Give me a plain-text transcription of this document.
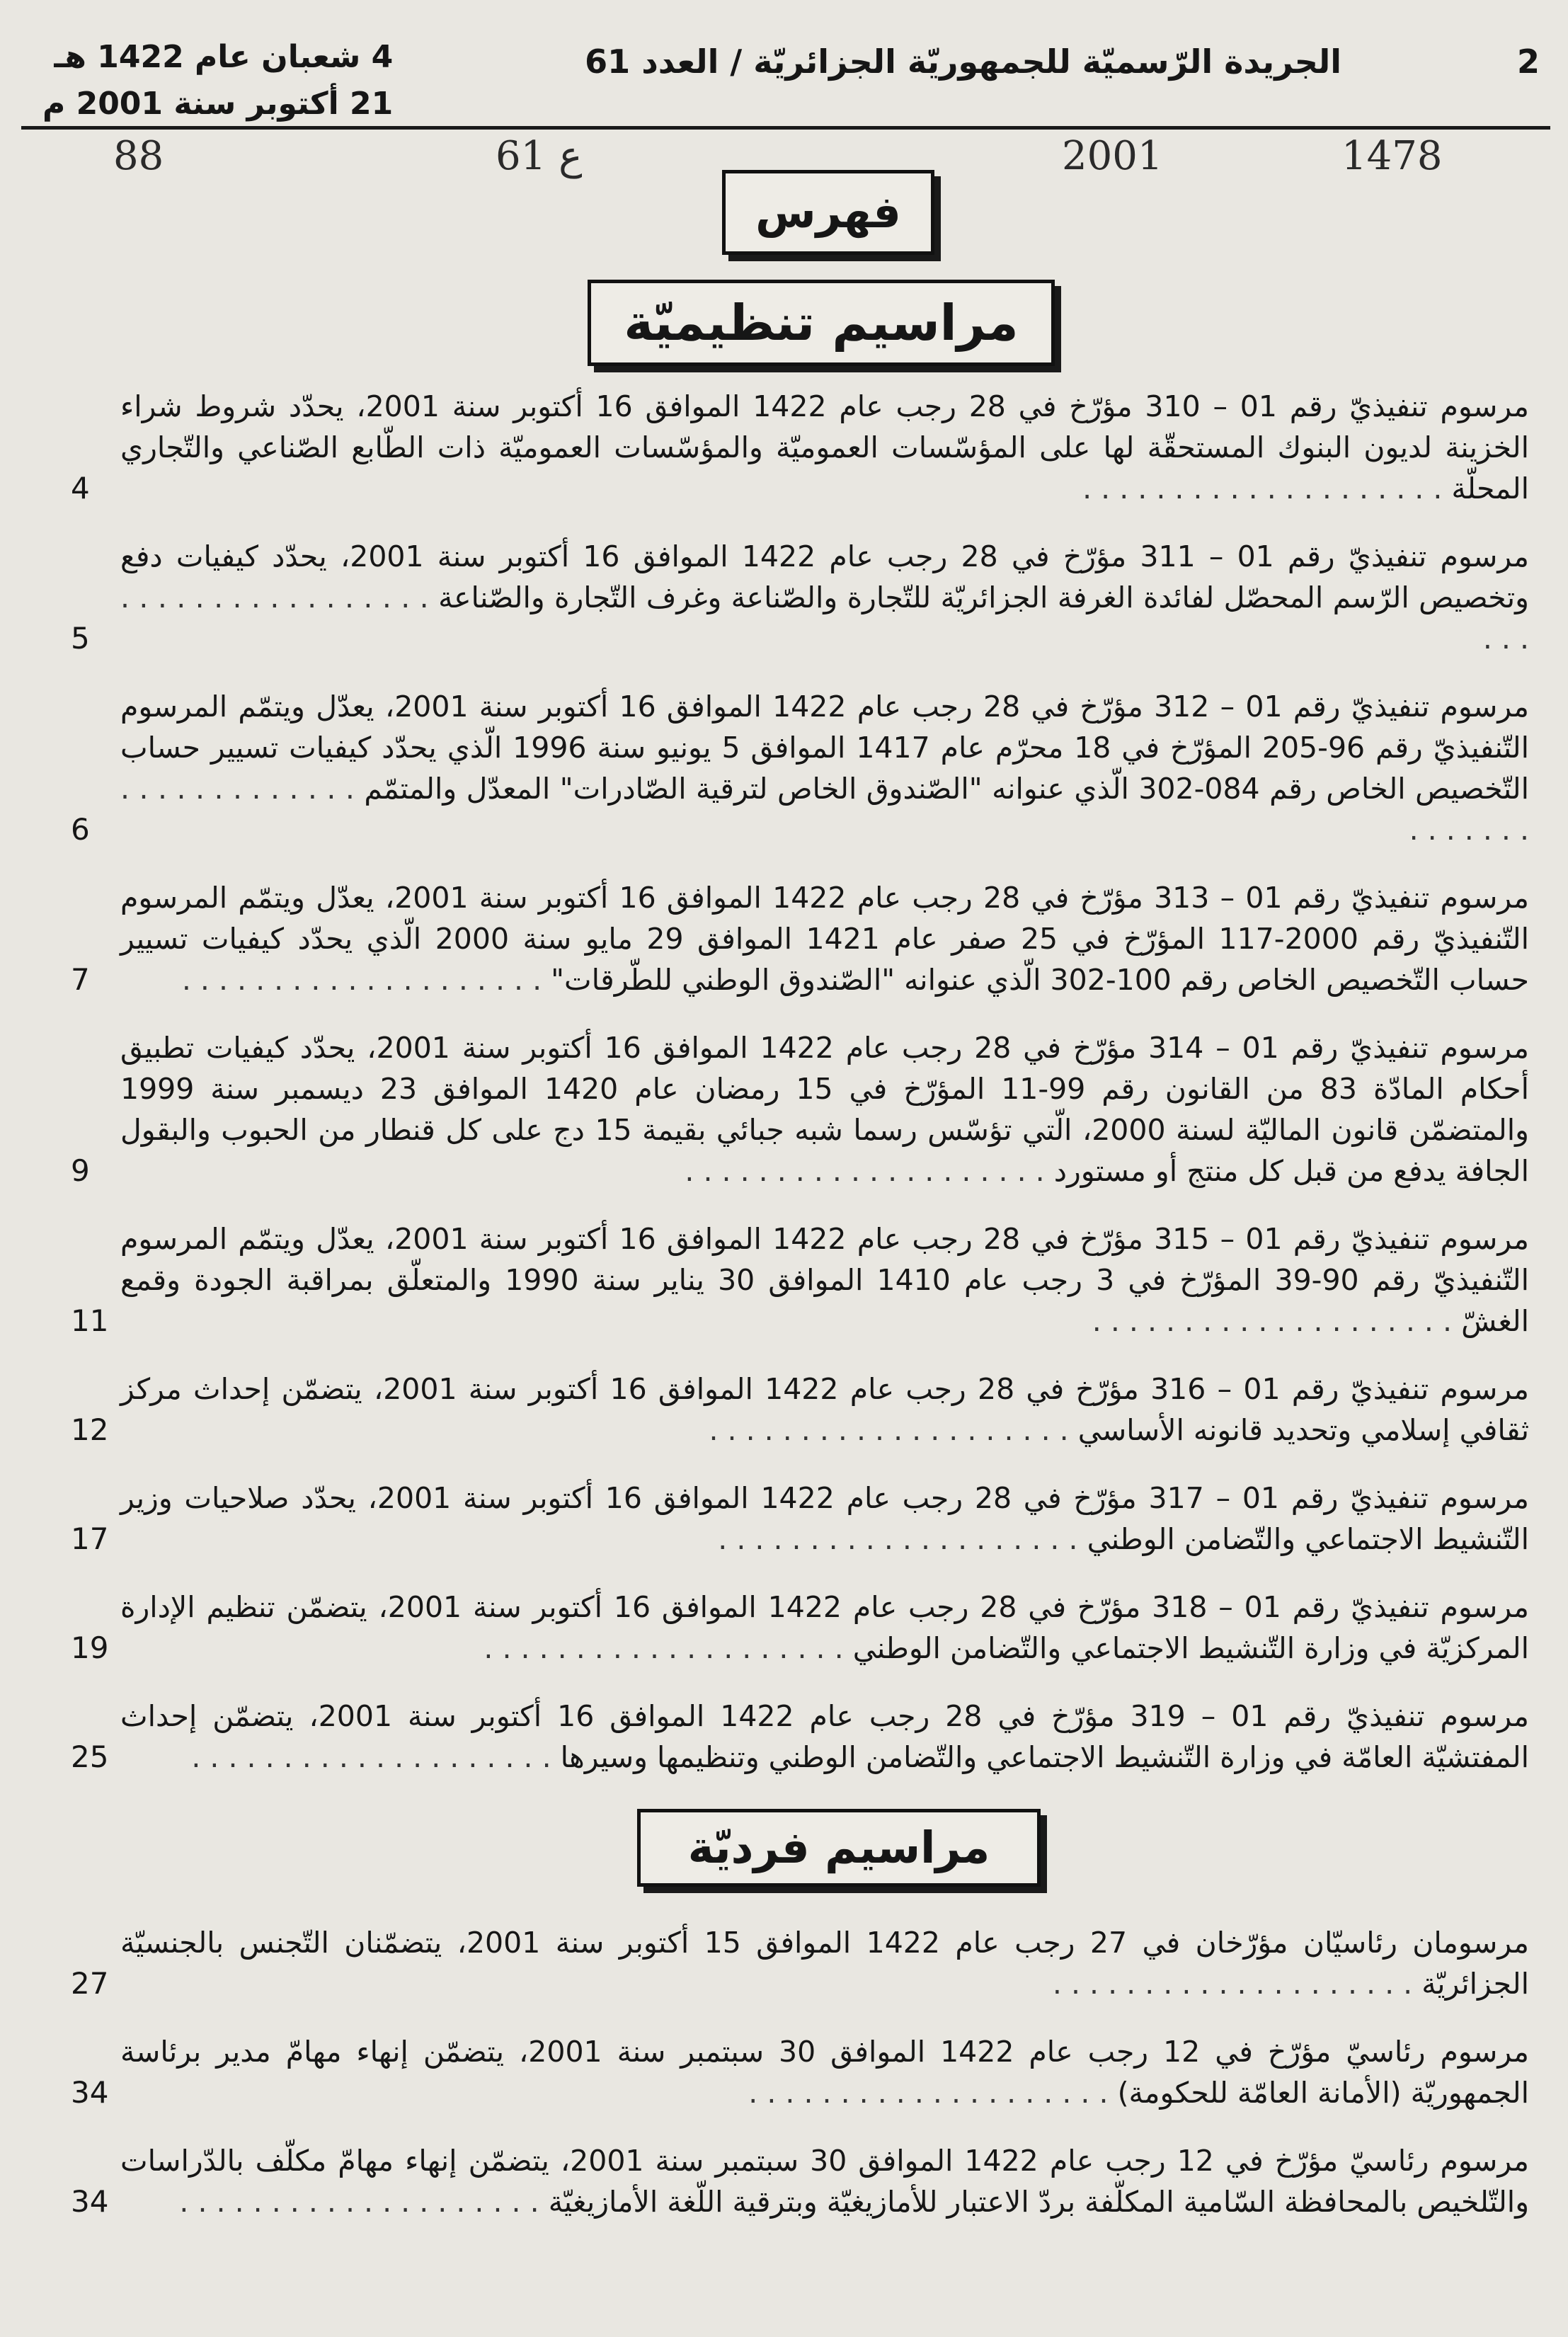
2
الجريدة الرّسميّة للجمهوريّة الجزائريّة / العدد 61
4 شعبان عام 1422 هـ
21 أكتوبر سنة 2001 م
1478
2001
61 ع
88
فهرس
مراسيم تنظيميّة
مرسوم تنفيذيّ رقم 01 – 310 مؤرّخ في 28 رجب عام 1422 الموافق 16 أكتوبر سنة 2001، يحدّد شروط شراء الخزينة لديون البنوك المستحقّة لها على المؤسّسات العموميّة والمؤسّسات العموميّة ذات الطّابع الصّناعي والتّجاري المحلّة . . .
4
مرسوم تنفيذيّ رقم 01 – 311 مؤرّخ في 28 رجب عام 1422 الموافق 16 أكتوبر سنة 2001، يحدّد كيفيات دفع وتخصيص الرّسم المحصّل لفائدة الغرفة الجزائريّة للتّجارة والصّناعة وغرف التّجارة والصّناعة . . .
5
مرسوم تنفيذيّ رقم 01 – 312 مؤرّخ في 28 رجب عام 1422 الموافق 16 أكتوبر سنة 2001، يعدّل ويتمّم المرسوم التّنفيذيّ رقم 96-205 المؤرّخ في 18 محرّم عام 1417 الموافق 5 يونيو سنة 1996 الّذي يحدّد كيفيات تسيير حساب التّخصيص الخاص رقم 084-302 الّذي عنوانه "الصّندوق الخاص لترقية الصّادرات" المعدّل والمتمّم . . .
6
مرسوم تنفيذيّ رقم 01 – 313 مؤرّخ في 28 رجب عام 1422 الموافق 16 أكتوبر سنة 2001، يعدّل ويتمّم المرسوم التّنفيذيّ رقم 2000-117 المؤرّخ في 25 صفر عام 1421 الموافق 29 مايو سنة 2000 الّذي يحدّد كيفيات تسيير حساب التّخصيص الخاص رقم 100-302 الّذي عنوانه "الصّندوق الوطني للطّرقات" . . .
7
مرسوم تنفيذيّ رقم 01 – 314 مؤرّخ في 28 رجب عام 1422 الموافق 16 أكتوبر سنة 2001، يحدّد كيفيات تطبيق أحكام المادّة 83 من القانون رقم 99-11 المؤرّخ في 15 رمضان عام 1420 الموافق 23 ديسمبر سنة 1999 والمتضمّن قانون الماليّة لسنة 2000، الّتي تؤسّس رسما شبه جبائي بقيمة 15 دج على كل قنطار من الحبوب والبقول الجافة يدفع من قبل كل منتج أو مستورد . . .
9
مرسوم تنفيذيّ رقم 01 – 315 مؤرّخ في 28 رجب عام 1422 الموافق 16 أكتوبر سنة 2001، يعدّل ويتمّم المرسوم التّنفيذيّ رقم 90-39 المؤرّخ في 3 رجب عام 1410 الموافق 30 يناير سنة 1990 والمتعلّق بمراقبة الجودة وقمع الغشّ . . .
11
مرسوم تنفيذيّ رقم 01 – 316 مؤرّخ في 28 رجب عام 1422 الموافق 16 أكتوبر سنة 2001، يتضمّن إحداث مركز ثقافي إسلامي وتحديد قانونه الأساسي . . .
12
مرسوم تنفيذيّ رقم 01 – 317 مؤرّخ في 28 رجب عام 1422 الموافق 16 أكتوبر سنة 2001، يحدّد صلاحيات وزير التّنشيط الاجتماعي والتّضامن الوطني . . .
17
مرسوم تنفيذيّ رقم 01 – 318 مؤرّخ في 28 رجب عام 1422 الموافق 16 أكتوبر سنة 2001، يتضمّن تنظيم الإدارة المركزيّة في وزارة التّنشيط الاجتماعي والتّضامن الوطني . . .
19
مرسوم تنفيذيّ رقم 01 – 319 مؤرّخ في 28 رجب عام 1422 الموافق 16 أكتوبر سنة 2001، يتضمّن إحداث المفتشيّة العامّة في وزارة التّنشيط الاجتماعي والتّضامن الوطني وتنظيمها وسيرها . . .
25
مراسيم فرديّة
مرسومان رئاسيّان مؤرّخان في 27 رجب عام 1422 الموافق 15 أكتوبر سنة 2001، يتضمّنان التّجنس بالجنسيّة الجزائريّة . . .
27
مرسوم رئاسيّ مؤرّخ في 12 رجب عام 1422 الموافق 30 سبتمبر سنة 2001، يتضمّن إنهاء مهامّ مدير برئاسة الجمهوريّة (الأمانة العامّة للحكومة) . . .
34
مرسوم رئاسيّ مؤرّخ في 12 رجب عام 1422 الموافق 30 سبتمبر سنة 2001، يتضمّن إنهاء مهامّ مكلّف بالدّراسات والتّلخيص بالمحافظة السّامية المكلّفة بردّ الاعتبار للأمازيغيّة وبترقية اللّغة الأمازيغيّة . . .
34
